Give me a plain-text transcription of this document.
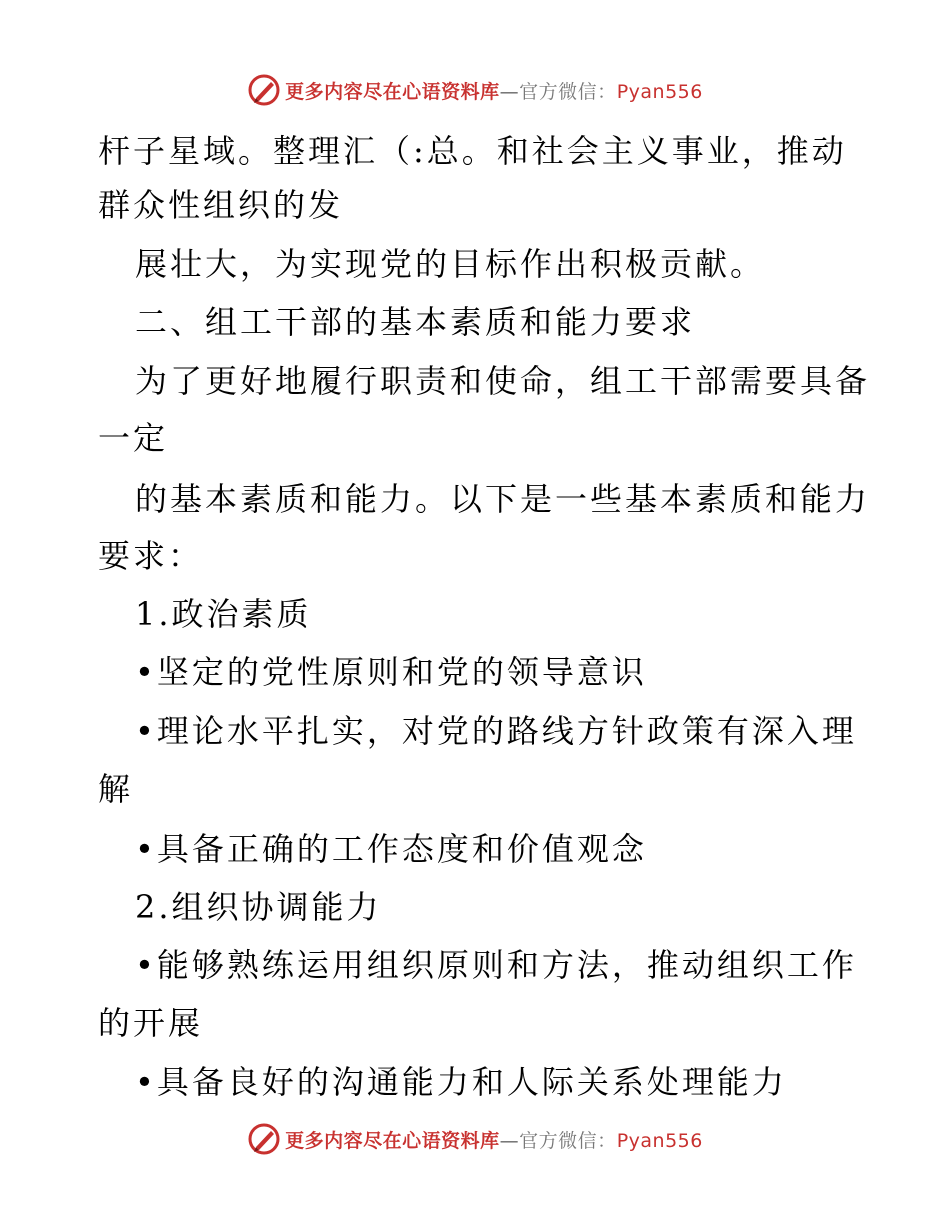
更多内容尽在心语资料库—官方微信：Pyan556
杆子星域。整理汇（:总。和社会主义事业，推动
群众性组织的发
展壮大，为实现党的目标作出积极贡献。
二、组工干部的基本素质和能力要求
为了更好地履行职责和使命，组工干部需要具备
一定
的基本素质和能力。以下是一些基本素质和能力
要求：
1.政治素质
•坚定的党性原则和党的领导意识
•理论水平扎实，对党的路线方针政策有深入理
解
•具备正确的工作态度和价值观念
2.组织协调能力
•能够熟练运用组织原则和方法，推动组织工作
的开展
•具备良好的沟通能力和人际关系处理能力
更多内容尽在心语资料库—官方微信：Pyan556
